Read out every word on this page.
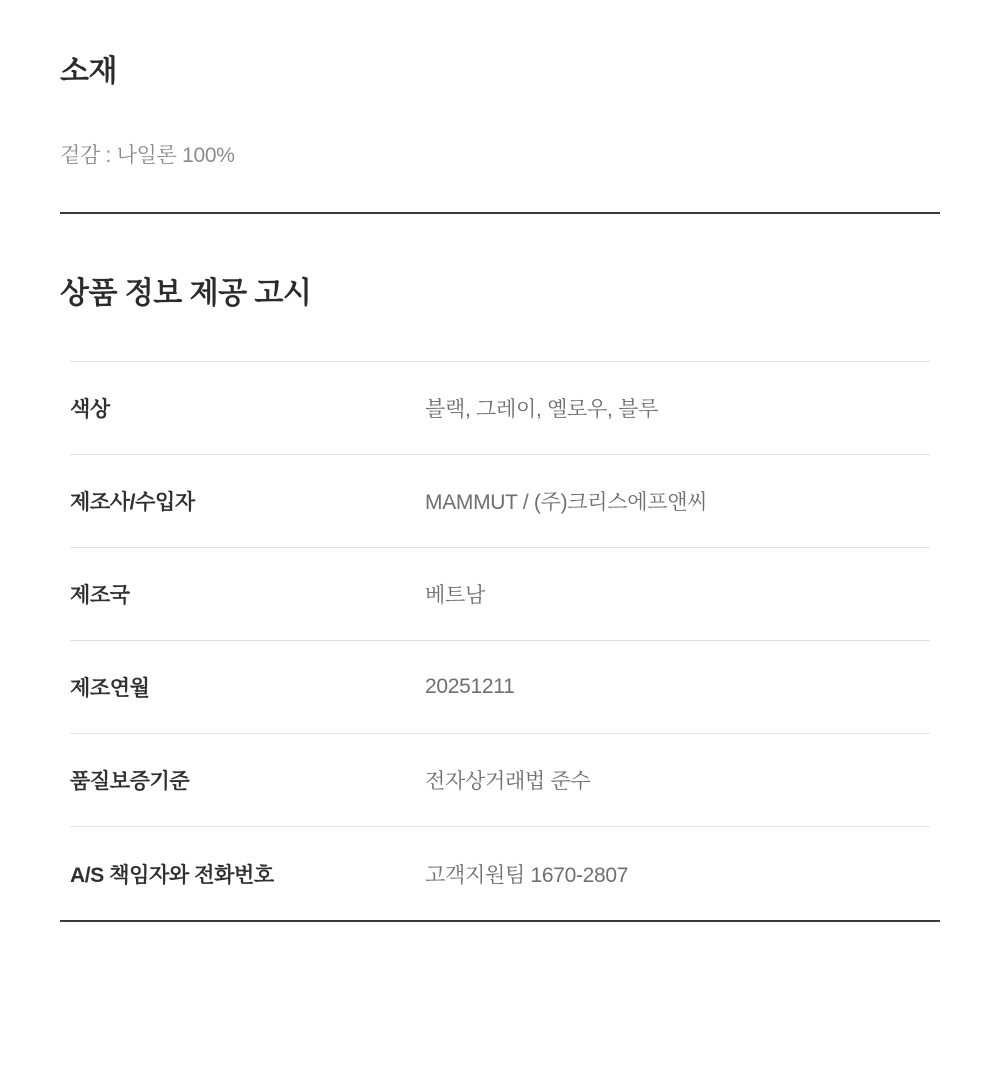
소재

겉감 : 나일론 100%

상품 정보 제공 고시
색상	블랙, 그레이, 옐로우, 블루
제조사/수입자	MAMMUT / (주)크리스에프앤씨
제조국	베트남
제조연월	20251211
품질보증기준	전자상거래법 준수
A/S 책임자와 전화번호	고객지원팀 1670-2807
